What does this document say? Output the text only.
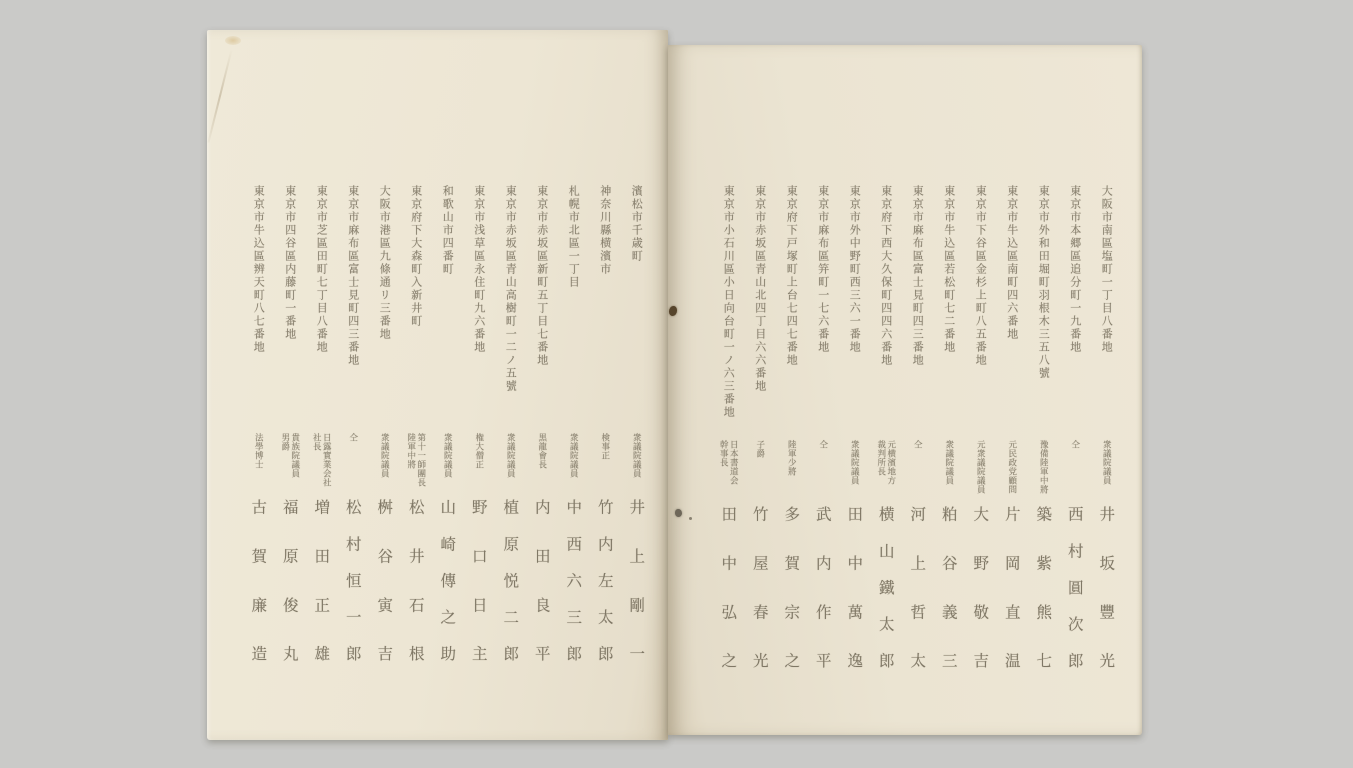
濱松市千歳町
衆議院議員
井上剛一
神奈川縣横濱市
検事正
竹内左太郎
札幌市北區一丁目
衆議院議員
中西六三郎
東京市赤坂區新町五丁目七番地
黒龍會長
内田良平
東京市赤坂區青山高樹町一二ノ五號
衆議院議員
植原悦二郎
東京市浅草區永住町九六番地
権大僧正
野口日主
和歌山市四番町
衆議院議員
山崎傳之助
東京府下大森町入新井町
第十一師團長
陸軍中將
松井石根
大阪市港區九條通リ三番地
衆議院議員
桝谷寅吉
東京市麻布區富士見町四三番地
仝
松村恒一郎
東京市芝區田町七丁目八番地
日露實業会社
社長
増田正雄
東京市四谷區内藤町一番地
貴族院議員
男爵
福原俊丸
東京市牛込區辨天町八七番地
法學博士
古賀廉造
大阪市南區塩町一丁目八番地
衆議院議員
井坂豐光
東京市本郷區追分町一九番地
仝
西村圓次郎
東京市外和田堀町羽根木三五八號
豫備陸軍中將
築紫熊七
東京市牛込區南町四六番地
元民政党顧問
片岡直温
東京市下谷區金杉上町八五番地
元衆議院議員
大野敬吉
東京市牛込區若松町七二番地
衆議院議員
粕谷義三
東京市麻布區富士見町四三番地
仝
河上哲太
東京府下西大久保町四四六番地
元横濱地方
裁判所長
横山鐵太郎
東京市外中野町西三六一番地
衆議院議員
田中萬逸
東京市麻布區笄町一七六番地
仝
武内作平
東京府下戸塚町上台七四七番地
陸軍少將
多賀宗之
東京市赤坂區青山北四丁目六六番地
子爵
竹屋春光
東京市小石川區小日向台町一ノ六三番地
日本書道会
幹事長
田中弘之
